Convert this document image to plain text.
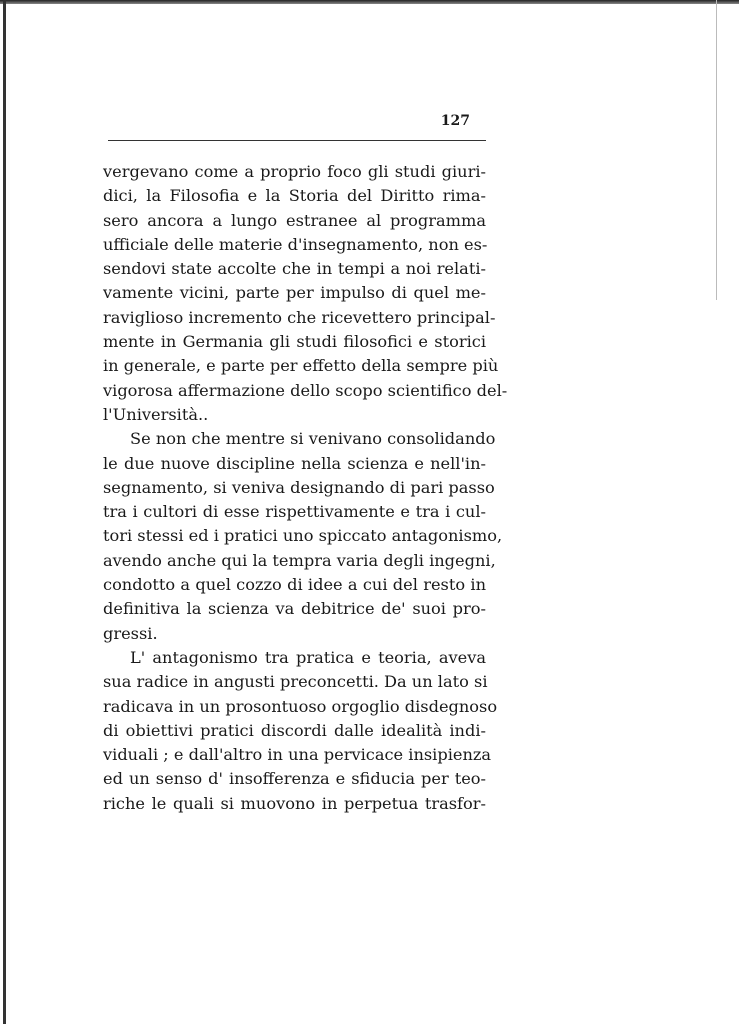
127
vergevano come a proprio foco gli studi giuri-
dici, la Filosofia e la Storia del Diritto rima-
sero ancora a lungo estranee al programma
ufficiale delle materie d'insegnamento, non es-
sendovi state accolte che in tempi a noi relati-
vamente vicini, parte per impulso di quel me-
raviglioso incremento che ricevettero principal-
mente in Germania gli studi filosofici e storici
in generale, e parte per effetto della sempre più
vigorosa affermazione dello scopo scientifico del-
l'Università..
Se non che mentre si venivano consolidando
le due nuove discipline nella scienza e nell'in-
segnamento, si veniva designando di pari passo
tra i cultori di esse rispettivamente e tra i cul-
tori stessi ed i pratici uno spiccato antagonismo,
avendo anche qui la tempra varia degli ingegni,
condotto a quel cozzo di idee a cui del resto in
definitiva la scienza va debitrice de' suoi pro-
gressi.
L' antagonismo tra pratica e teoria, aveva
sua radice in angusti preconcetti. Da un lato si
radicava in un prosontuoso orgoglio disdegnoso
di obiettivi pratici discordi dalle idealità indi-
viduali ; e dall'altro in una pervicace insipienza
ed un senso d' insofferenza e sfiducia per teo-
riche le quali si muovono in perpetua trasfor-
